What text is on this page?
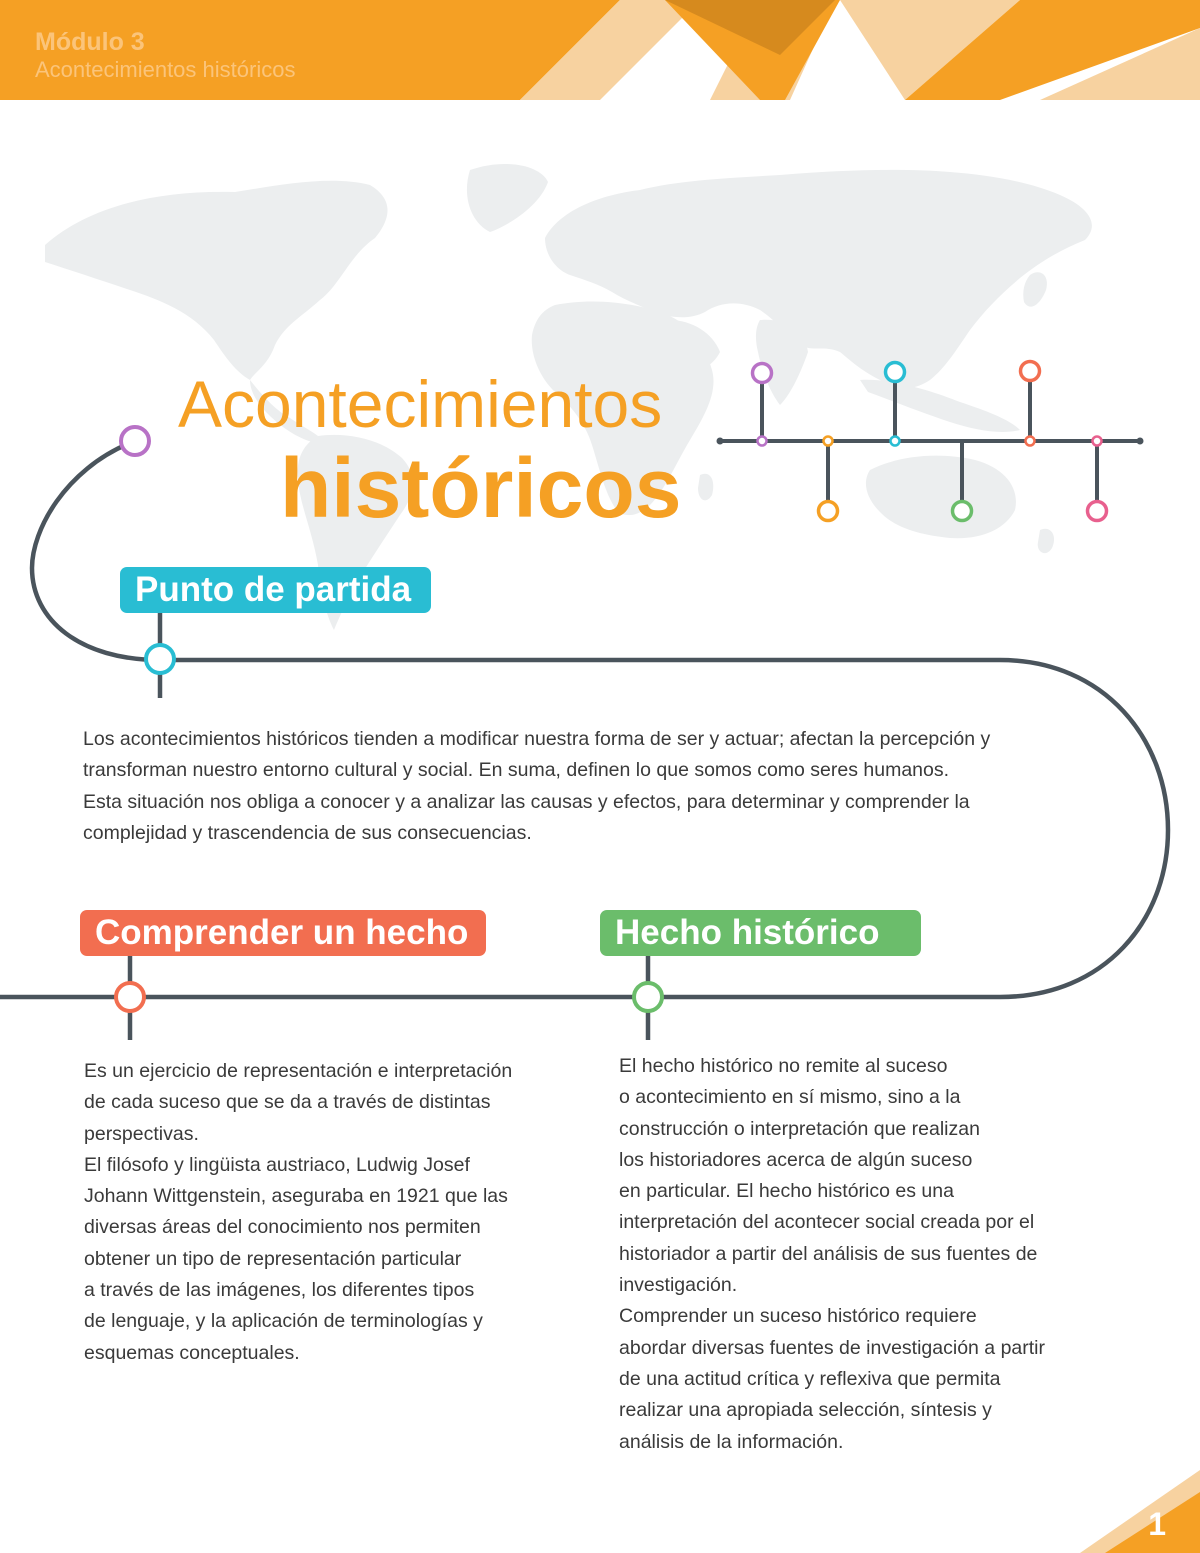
Módulo 3
Acontecimientos históricos
Acontecimientos
históricos
Punto de partida
Comprender un hecho	Hecho histórico
Los acontecimientos históricos tienden a modificar nuestra forma de ser y actuar; afectan la percepción y
transforman nuestro entorno cultural y social. En suma, definen lo que somos como seres humanos.
Esta situación nos obliga a conocer y a analizar las causas y efectos, para determinar y comprender la
complejidad y trascendencia de sus consecuencias.
Es un ejercicio de representación e interpretación
de cada suceso que se da a través de distintas
perspectivas.
El filósofo y lingüista austriaco, Ludwig Josef
Johann Wittgenstein, aseguraba en 1921 que las
diversas áreas del conocimiento nos permiten
obtener un tipo de representación particular
a través de las imágenes, los diferentes tipos
de lenguaje, y la aplicación de terminologías y
esquemas conceptuales.
El hecho histórico no remite al suceso
o acontecimiento en sí mismo, sino a la
construcción o interpretación que realizan
los historiadores acerca de algún suceso
en particular. El hecho histórico es una
interpretación del acontecer social creada por el
historiador a partir del análisis de sus fuentes de
investigación.
Comprender un suceso histórico requiere
abordar diversas fuentes de investigación a partir
de una actitud crítica y reflexiva que permita
realizar una apropiada selección, síntesis y
análisis de la información.
1
